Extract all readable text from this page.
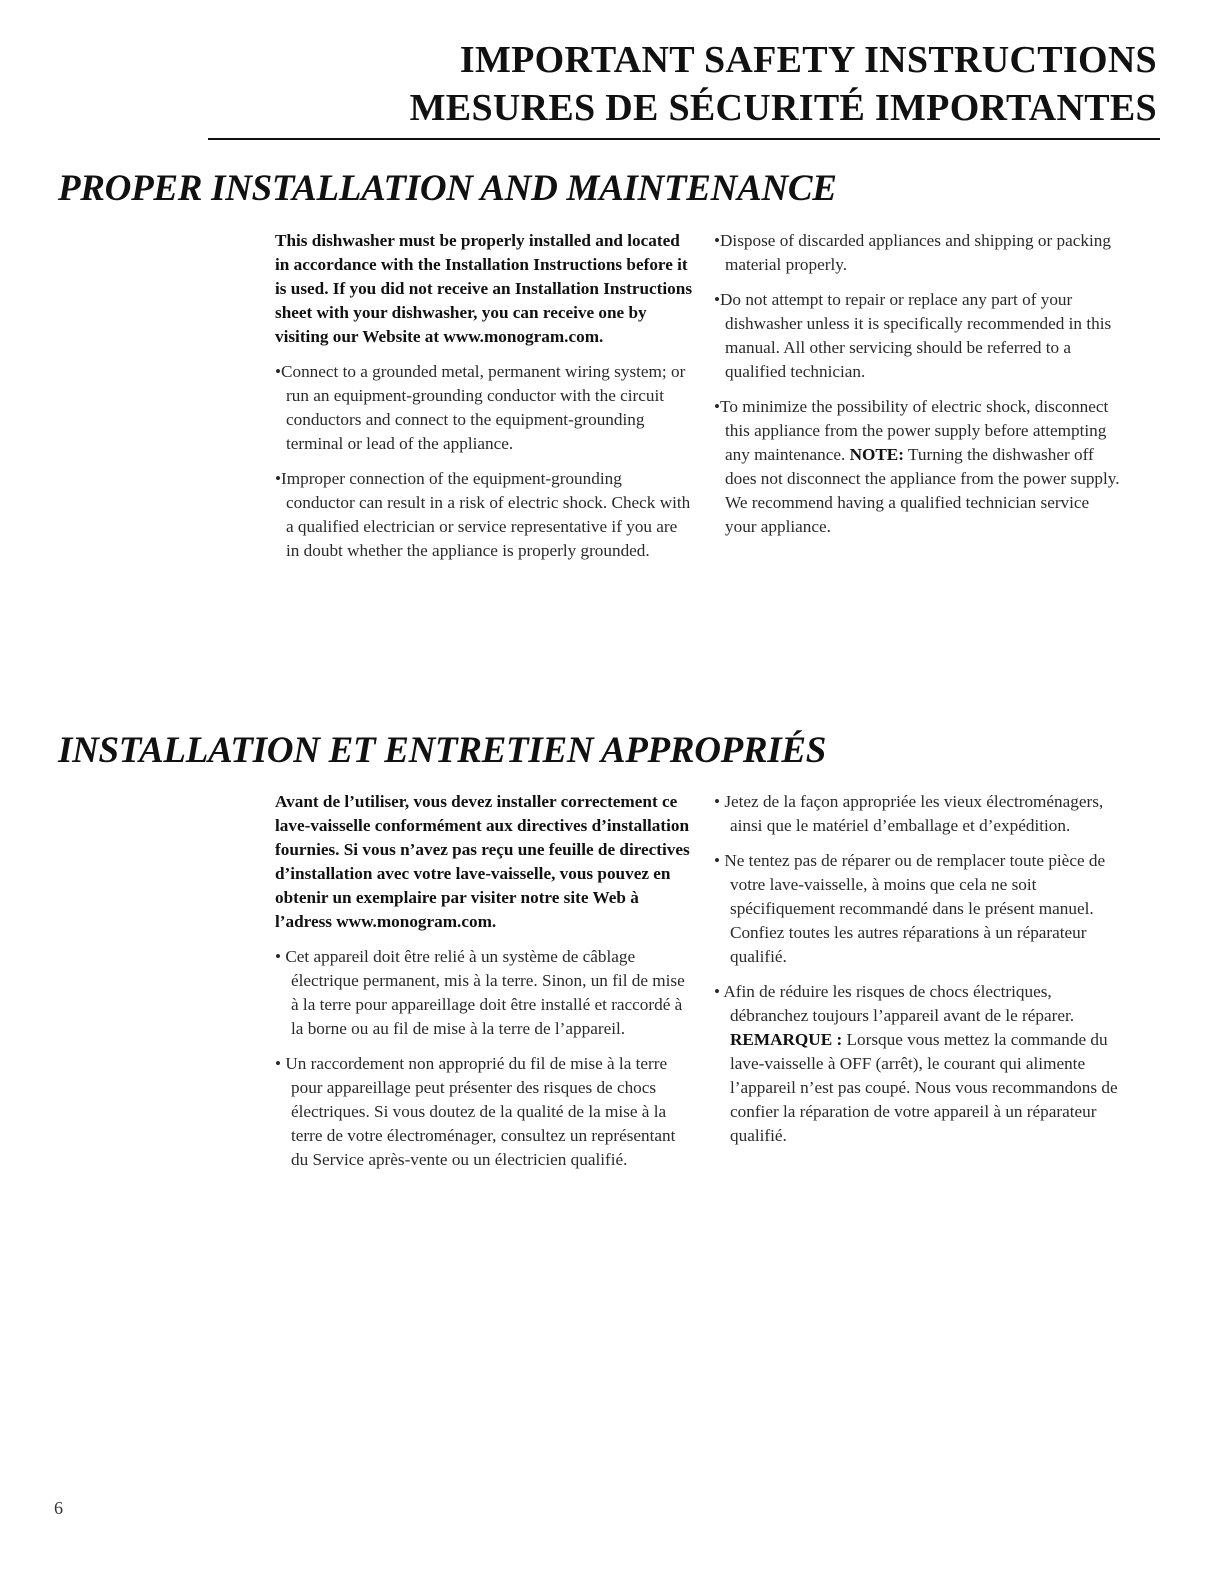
IMPORTANT SAFETY INSTRUCTIONS
MESURES DE SÉCURITÉ IMPORTANTES
PROPER INSTALLATION AND MAINTENANCE

This dishwasher must be properly installed and located in accordance with the Installation Instructions before it is used. If you did not receive an Installation Instructions sheet with your dishwasher, you can receive one by visiting our Website at www.monogram.com.

•Connect to a grounded metal, permanent wiring system; or run an equipment-grounding conductor with the circuit conductors and connect to the equipment-grounding terminal or lead of the appliance.

•Improper connection of the equipment-grounding conductor can result in a risk of electric shock. Check with a qualified electrician or service representative if you are in doubt whether the appliance is properly grounded.

•Dispose of discarded appliances and shipping or packing material properly.

•Do not attempt to repair or replace any part of your dishwasher unless it is specifically recommended in this manual. All other servicing should be referred to a qualified technician.

•To minimize the possibility of electric shock, disconnect this appliance from the power supply before attempting any maintenance. NOTE: Turning the dishwasher off does not disconnect the appliance from the power supply. We recommend having a qualified technician service your appliance.

INSTALLATION ET ENTRETIEN APPROPRIÉS

Avant de l’utiliser, vous devez installer correctement ce lave-vaisselle conformément aux directives d’installation fournies. Si vous n’avez pas reçu une feuille de directives d’installation avec votre lave-vaisselle, vous pouvez en obtenir un exemplaire par visiter notre site Web à l’adress www.monogram.com.

• Cet appareil doit être relié à un système de câblage électrique permanent, mis à la terre. Sinon, un fil de mise à la terre pour appareillage doit être installé et raccordé à la borne ou au fil de mise à la terre de l’appareil.

• Un raccordement non approprié du fil de mise à la terre pour appareillage peut présenter des risques de chocs électriques. Si vous doutez de la qualité de la mise à la terre de votre électroménager, consultez un représentant du Service après-vente ou un électricien qualifié.

• Jetez de la façon appropriée les vieux électroménagers, ainsi que le matériel d’emballage et d’expédition.

• Ne tentez pas de réparer ou de remplacer toute pièce de votre lave-vaisselle, à moins que cela ne soit spécifiquement recommandé dans le présent manuel. Confiez toutes les autres réparations à un réparateur qualifié.

• Afin de réduire les risques de chocs électriques, débranchez toujours l’appareil avant de le réparer. REMARQUE : Lorsque vous mettez la commande du lave-vaisselle à OFF (arrêt), le courant qui alimente l’appareil n’est pas coupé. Nous vous recommandons de confier la réparation de votre appareil à un réparateur qualifié.

6
